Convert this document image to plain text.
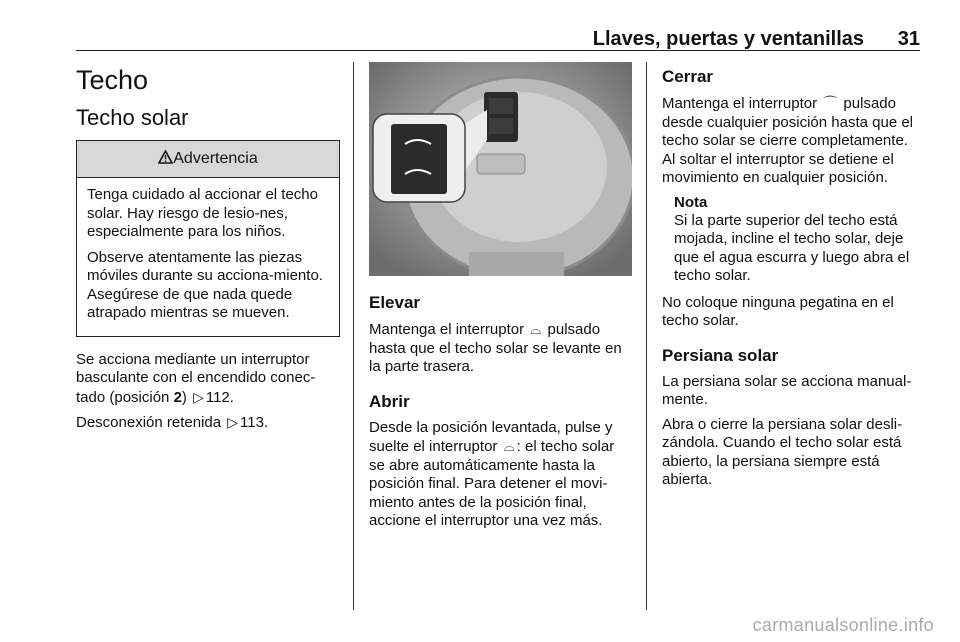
Llaves, puertas y ventanillas 31
Techo
Techo solar
Advertencia

Tenga cuidado al accionar el techo solar. Hay riesgo de lesio-nes, especialmente para los niños.

Observe atentamente las piezas móviles durante su acciona-miento. Asegúrese de que nada quede atrapado mientras se mueven.

Se acciona mediante un interruptor basculante con el encendido conec-tado (posición 2) ▷ 112.

Desconexión retenida ▷ 113.

Elevar

Mantenga el interruptor ⌓ pulsado hasta que el techo solar se levante en la parte trasera.

Abrir

Desde la posición levantada, pulse y suelte el interruptor ⌓ : el techo solar se abre automáticamente hasta la posición final. Para detener el movi-miento antes de la posición final, accione el interruptor una vez más.

Cerrar

Mantenga el interruptor ⌒ pulsado desde cualquier posición hasta que el techo solar se cierre completamente. Al soltar el interruptor se detiene el movimiento en cualquier posición.

Nota

Si la parte superior del techo está mojada, incline el techo solar, deje que el agua escurra y luego abra el techo solar.

No coloque ninguna pegatina en el techo solar.

Persiana solar

La persiana solar se acciona manual-mente.

Abra o cierre la persiana solar desli-zándola. Cuando el techo solar está abierto, la persiana siempre está abierta.

carmanualsonline.info
